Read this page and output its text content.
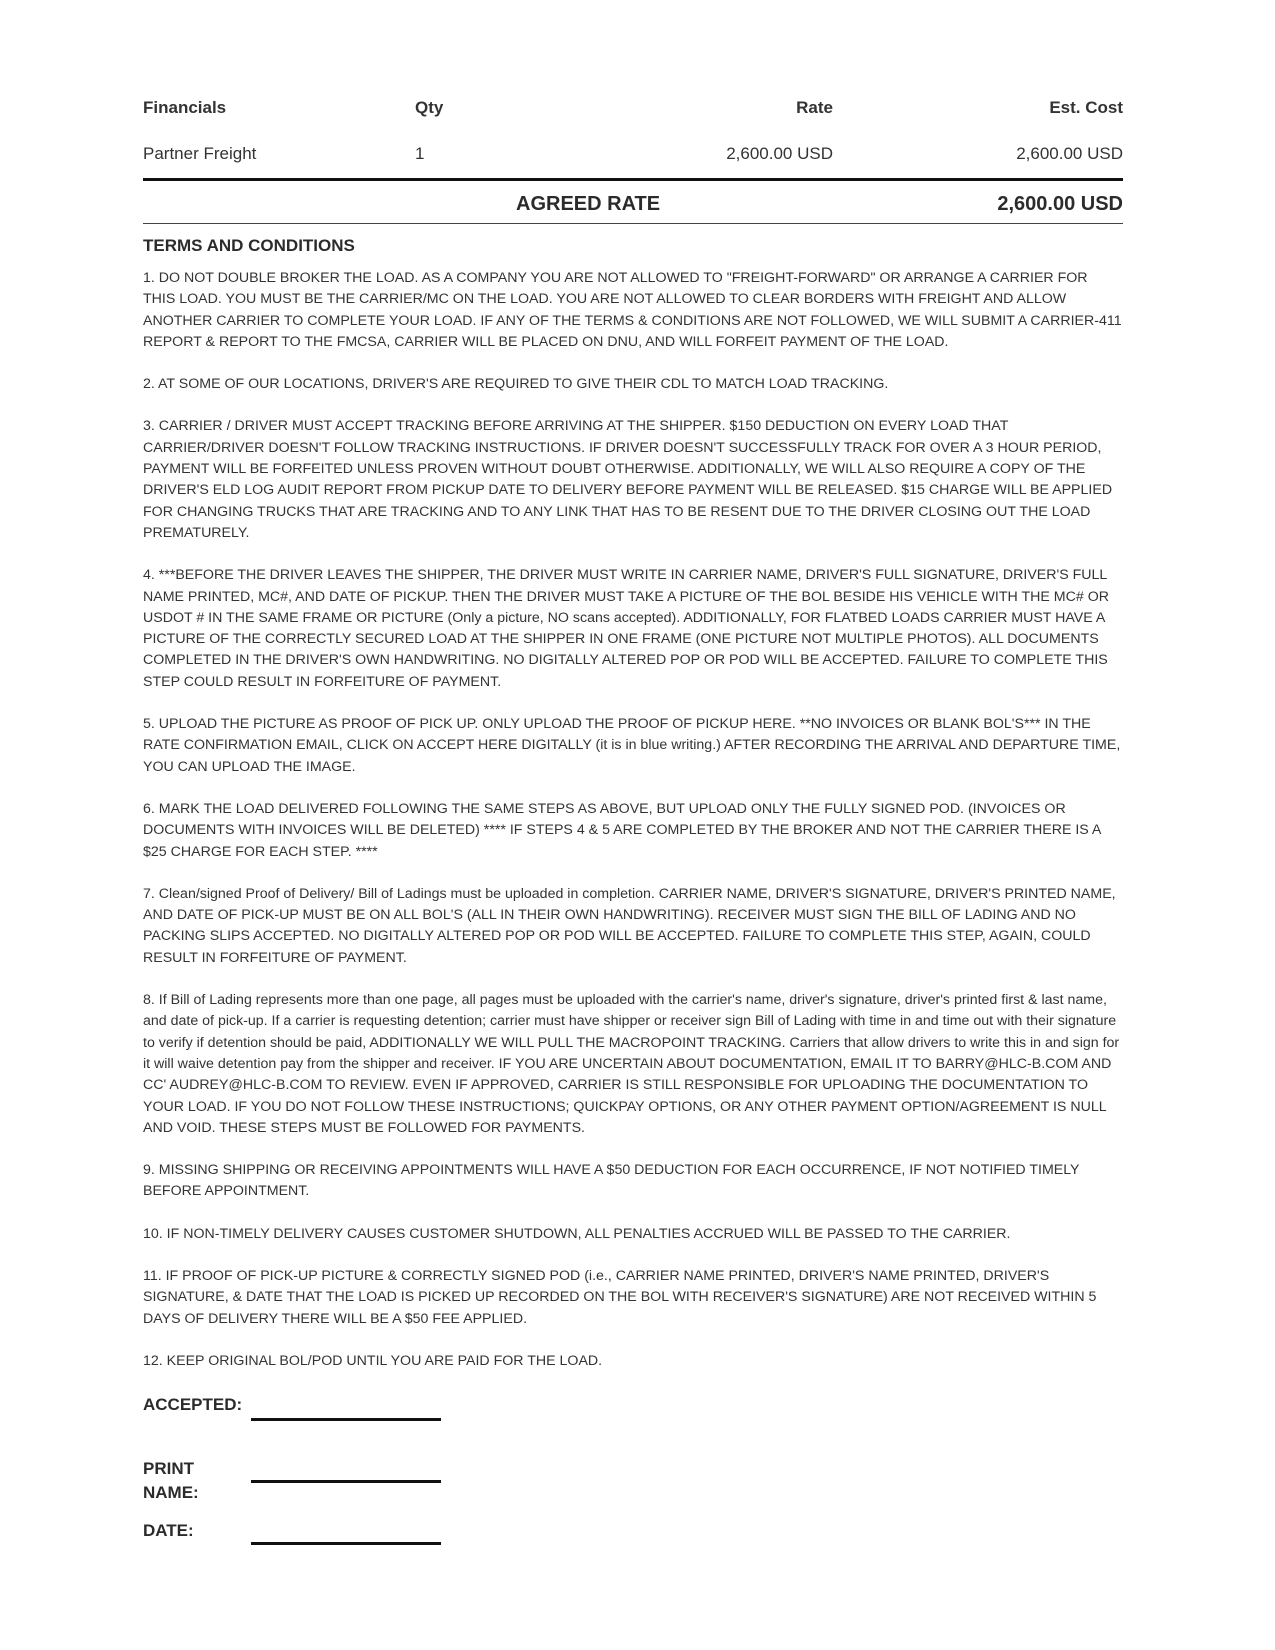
Financials	Qty	Rate	Est. Cost
Partner Freight	1	2,600.00 USD	2,600.00 USD
AGREED RATE	2,600.00 USD
TERMS AND CONDITIONS

1. DO NOT DOUBLE BROKER THE LOAD. AS A COMPANY YOU ARE NOT ALLOWED TO "FREIGHT-FORWARD" OR ARRANGE A CARRIER FOR THIS LOAD. YOU MUST BE THE CARRIER/MC ON THE LOAD. YOU ARE NOT ALLOWED TO CLEAR BORDERS WITH FREIGHT AND ALLOW ANOTHER CARRIER TO COMPLETE YOUR LOAD. IF ANY OF THE TERMS & CONDITIONS ARE NOT FOLLOWED, WE WILL SUBMIT A CARRIER-411 REPORT & REPORT TO THE FMCSA, CARRIER WILL BE PLACED ON DNU, AND WILL FORFEIT PAYMENT OF THE LOAD.

2. AT SOME OF OUR LOCATIONS, DRIVER'S ARE REQUIRED TO GIVE THEIR CDL TO MATCH LOAD TRACKING.

3. CARRIER / DRIVER MUST ACCEPT TRACKING BEFORE ARRIVING AT THE SHIPPER. $150 DEDUCTION ON EVERY LOAD THAT CARRIER/DRIVER DOESN'T FOLLOW TRACKING INSTRUCTIONS. IF DRIVER DOESN'T SUCCESSFULLY TRACK FOR OVER A 3 HOUR PERIOD, PAYMENT WILL BE FORFEITED UNLESS PROVEN WITHOUT DOUBT OTHERWISE. ADDITIONALLY, WE WILL ALSO REQUIRE A COPY OF THE DRIVER'S ELD LOG AUDIT REPORT FROM PICKUP DATE TO DELIVERY BEFORE PAYMENT WILL BE RELEASED. $15 CHARGE WILL BE APPLIED FOR CHANGING TRUCKS THAT ARE TRACKING AND TO ANY LINK THAT HAS TO BE RESENT DUE TO THE DRIVER CLOSING OUT THE LOAD PREMATURELY.

4. ***BEFORE THE DRIVER LEAVES THE SHIPPER, THE DRIVER MUST WRITE IN CARRIER NAME, DRIVER'S FULL SIGNATURE, DRIVER'S FULL NAME PRINTED, MC#, AND DATE OF PICKUP. THEN THE DRIVER MUST TAKE A PICTURE OF THE BOL BESIDE HIS VEHICLE WITH THE MC# OR USDOT # IN THE SAME FRAME OR PICTURE (Only a picture, NO scans accepted). ADDITIONALLY, FOR FLATBED LOADS CARRIER MUST HAVE A PICTURE OF THE CORRECTLY SECURED LOAD AT THE SHIPPER IN ONE FRAME (ONE PICTURE NOT MULTIPLE PHOTOS). ALL DOCUMENTS COMPLETED IN THE DRIVER'S OWN HANDWRITING. NO DIGITALLY ALTERED POP OR POD WILL BE ACCEPTED. FAILURE TO COMPLETE THIS STEP COULD RESULT IN FORFEITURE OF PAYMENT.

5. UPLOAD THE PICTURE AS PROOF OF PICK UP. ONLY UPLOAD THE PROOF OF PICKUP HERE. **NO INVOICES OR BLANK BOL'S*** IN THE RATE CONFIRMATION EMAIL, CLICK ON ACCEPT HERE DIGITALLY (it is in blue writing.) AFTER RECORDING THE ARRIVAL AND DEPARTURE TIME, YOU CAN UPLOAD THE IMAGE.

6. MARK THE LOAD DELIVERED FOLLOWING THE SAME STEPS AS ABOVE, BUT UPLOAD ONLY THE FULLY SIGNED POD. (INVOICES OR DOCUMENTS WITH INVOICES WILL BE DELETED) **** IF STEPS 4 & 5 ARE COMPLETED BY THE BROKER AND NOT THE CARRIER THERE IS A $25 CHARGE FOR EACH STEP. ****

7. Clean/signed Proof of Delivery/ Bill of Ladings must be uploaded in completion. CARRIER NAME, DRIVER'S SIGNATURE, DRIVER'S PRINTED NAME, AND DATE OF PICK-UP MUST BE ON ALL BOL'S (ALL IN THEIR OWN HANDWRITING). RECEIVER MUST SIGN THE BILL OF LADING AND NO PACKING SLIPS ACCEPTED. NO DIGITALLY ALTERED POP OR POD WILL BE ACCEPTED. FAILURE TO COMPLETE THIS STEP, AGAIN, COULD RESULT IN FORFEITURE OF PAYMENT.

8. If Bill of Lading represents more than one page, all pages must be uploaded with the carrier's name, driver's signature, driver's printed first & last name, and date of pick-up. If a carrier is requesting detention; carrier must have shipper or receiver sign Bill of Lading with time in and time out with their signature to verify if detention should be paid, ADDITIONALLY WE WILL PULL THE MACROPOINT TRACKING. Carriers that allow drivers to write this in and sign for it will waive detention pay from the shipper and receiver. IF YOU ARE UNCERTAIN ABOUT DOCUMENTATION, EMAIL IT TO BARRY@HLC-B.COM AND CC' AUDREY@HLC-B.COM TO REVIEW. EVEN IF APPROVED, CARRIER IS STILL RESPONSIBLE FOR UPLOADING THE DOCUMENTATION TO YOUR LOAD. IF YOU DO NOT FOLLOW THESE INSTRUCTIONS; QUICKPAY OPTIONS, OR ANY OTHER PAYMENT OPTION/AGREEMENT IS NULL AND VOID. THESE STEPS MUST BE FOLLOWED FOR PAYMENTS.

9. MISSING SHIPPING OR RECEIVING APPOINTMENTS WILL HAVE A $50 DEDUCTION FOR EACH OCCURRENCE, IF NOT NOTIFIED TIMELY BEFORE APPOINTMENT.

10. IF NON-TIMELY DELIVERY CAUSES CUSTOMER SHUTDOWN, ALL PENALTIES ACCRUED WILL BE PASSED TO THE CARRIER.

11. IF PROOF OF PICK-UP PICTURE & CORRECTLY SIGNED POD (i.e., CARRIER NAME PRINTED, DRIVER'S NAME PRINTED, DRIVER'S SIGNATURE, & DATE THAT THE LOAD IS PICKED UP RECORDED ON THE BOL WITH RECEIVER'S SIGNATURE) ARE NOT RECEIVED WITHIN 5 DAYS OF DELIVERY THERE WILL BE A $50 FEE APPLIED.

12. KEEP ORIGINAL BOL/POD UNTIL YOU ARE PAID FOR THE LOAD.

ACCEPTED:
PRINT
NAME:
DATE:
